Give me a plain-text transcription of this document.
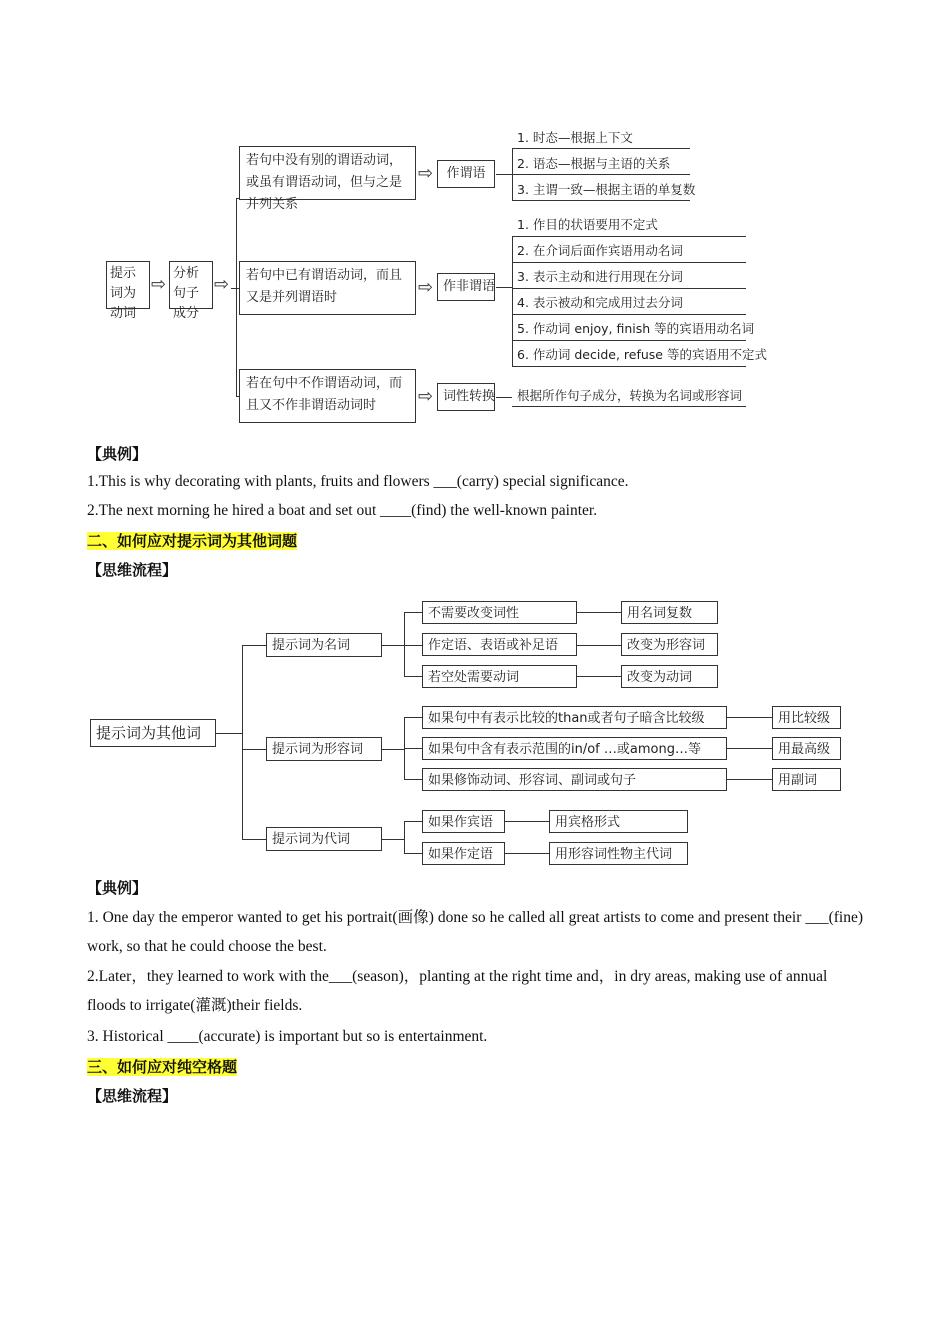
提示词为动词
⇨
分析句子成分
⇨
若句中没有别的谓语动词，或虽有谓语动词，但与之是并列关系
若句中已有谓语动词，而且又是并列谓语时
若在句中不作谓语动词，而且又不作非谓语动词时
⇨
⇨
⇨
作谓语
作非谓语
词性转换
1. 时态—根据上下文
2. 语态—根据与主语的关系
3. 主谓一致—根据主语的单复数
1. 作目的状语要用不定式
2. 在介词后面作宾语用动名词
3. 表示主动和进行用现在分词
4. 表示被动和完成用过去分词
5. 作动词 enjoy, finish 等的宾语用动名词
6. 作动词 decide, refuse 等的宾语用不定式
根据所作句子成分，转换为名词或形容词
【典例】
1.This is why decorating with plants, fruits and flowers ___(carry) special significance.
2.The next morning he hired a boat and set out ____(find) the well-known painter.
二、如何应对提示词为其他词题
【思维流程】
提示词为其他词
提示词为名词
不需要改变词性
作定语、表语或补足语
若空处需要动词
用名词复数
改变为形容词
改变为动词
提示词为形容词
如果句中有表示比较的than或者句子暗含比较级
如果句中含有表示范围的in/of …或among…等
如果修饰动词、形容词、副词或句子
用比较级
用最高级
用副词
提示词为代词
如果作宾语
如果作定语
用宾格形式
用形容词性物主代词
【典例】
1. One day the emperor wanted to get his portrait(画像) done so he called all great artists to come and present their ___(fine) work, so that he could choose the best.
2.Later，they learned to work with the___(season)，planting at the right time and，in dry areas, making use of annual floods to irrigate(灌溉)their fields.
3. Historical ____(accurate) is important but so is entertainment.
三、如何应对纯空格题
【思维流程】
